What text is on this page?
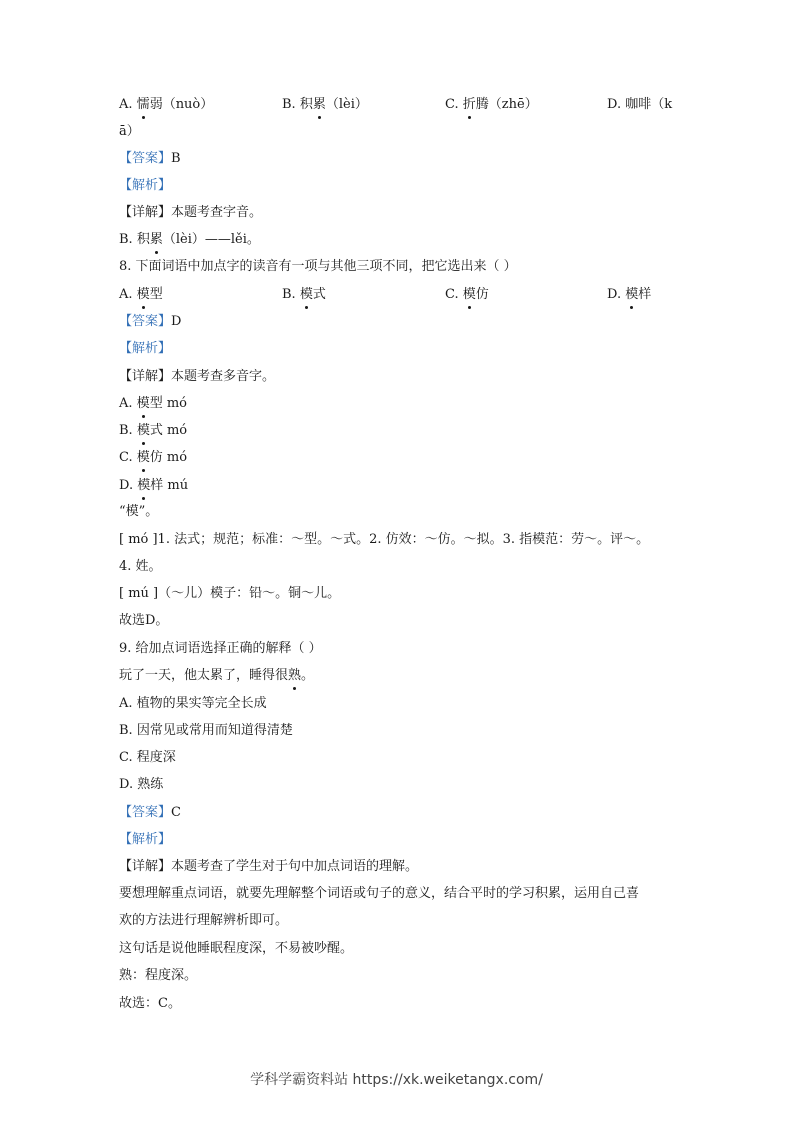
A. 懦弱（nuò）	B. 积累（lèi）	C. 折腾（zhē）	D. 咖啡（k
ā）
【答案】B
【解析】
【详解】本题考查字音。
B. 积累（lèi）——lěi。
8. 下面词语中加点字的读音有一项与其他三项不同，把它选出来（ ）
A. 模型	B. 模式	C. 模仿	D. 模样
【答案】D
【解析】
【详解】本题考查多音字。
A. 模型 mó
B. 模式 mó
C. 模仿 mó
D. 模样 mú
“模”。
[ mó ]1. 法式；规范；标准：～型。～式。2. 仿效：～仿。～拟。3. 指模范：劳～。评～。
4. 姓。
[ mú ]（～儿）模子：铅～。铜～儿。
故选D。
9. 给加点词语选择正确的解释（ ）
玩了一天，他太累了，睡得很熟。
A. 植物的果实等完全长成
B. 因常见或常用而知道得清楚
C. 程度深
D. 熟练
【答案】C
【解析】
【详解】本题考查了学生对于句中加点词语的理解。
要想理解重点词语，就要先理解整个词语或句子的意义，结合平时的学习积累，运用自己喜
欢的方法进行理解辨析即可。
这句话是说他睡眠程度深，不易被吵醒。
熟：程度深。
故选：C。
学科学霸资料站 https://xk.weiketangx.com/
